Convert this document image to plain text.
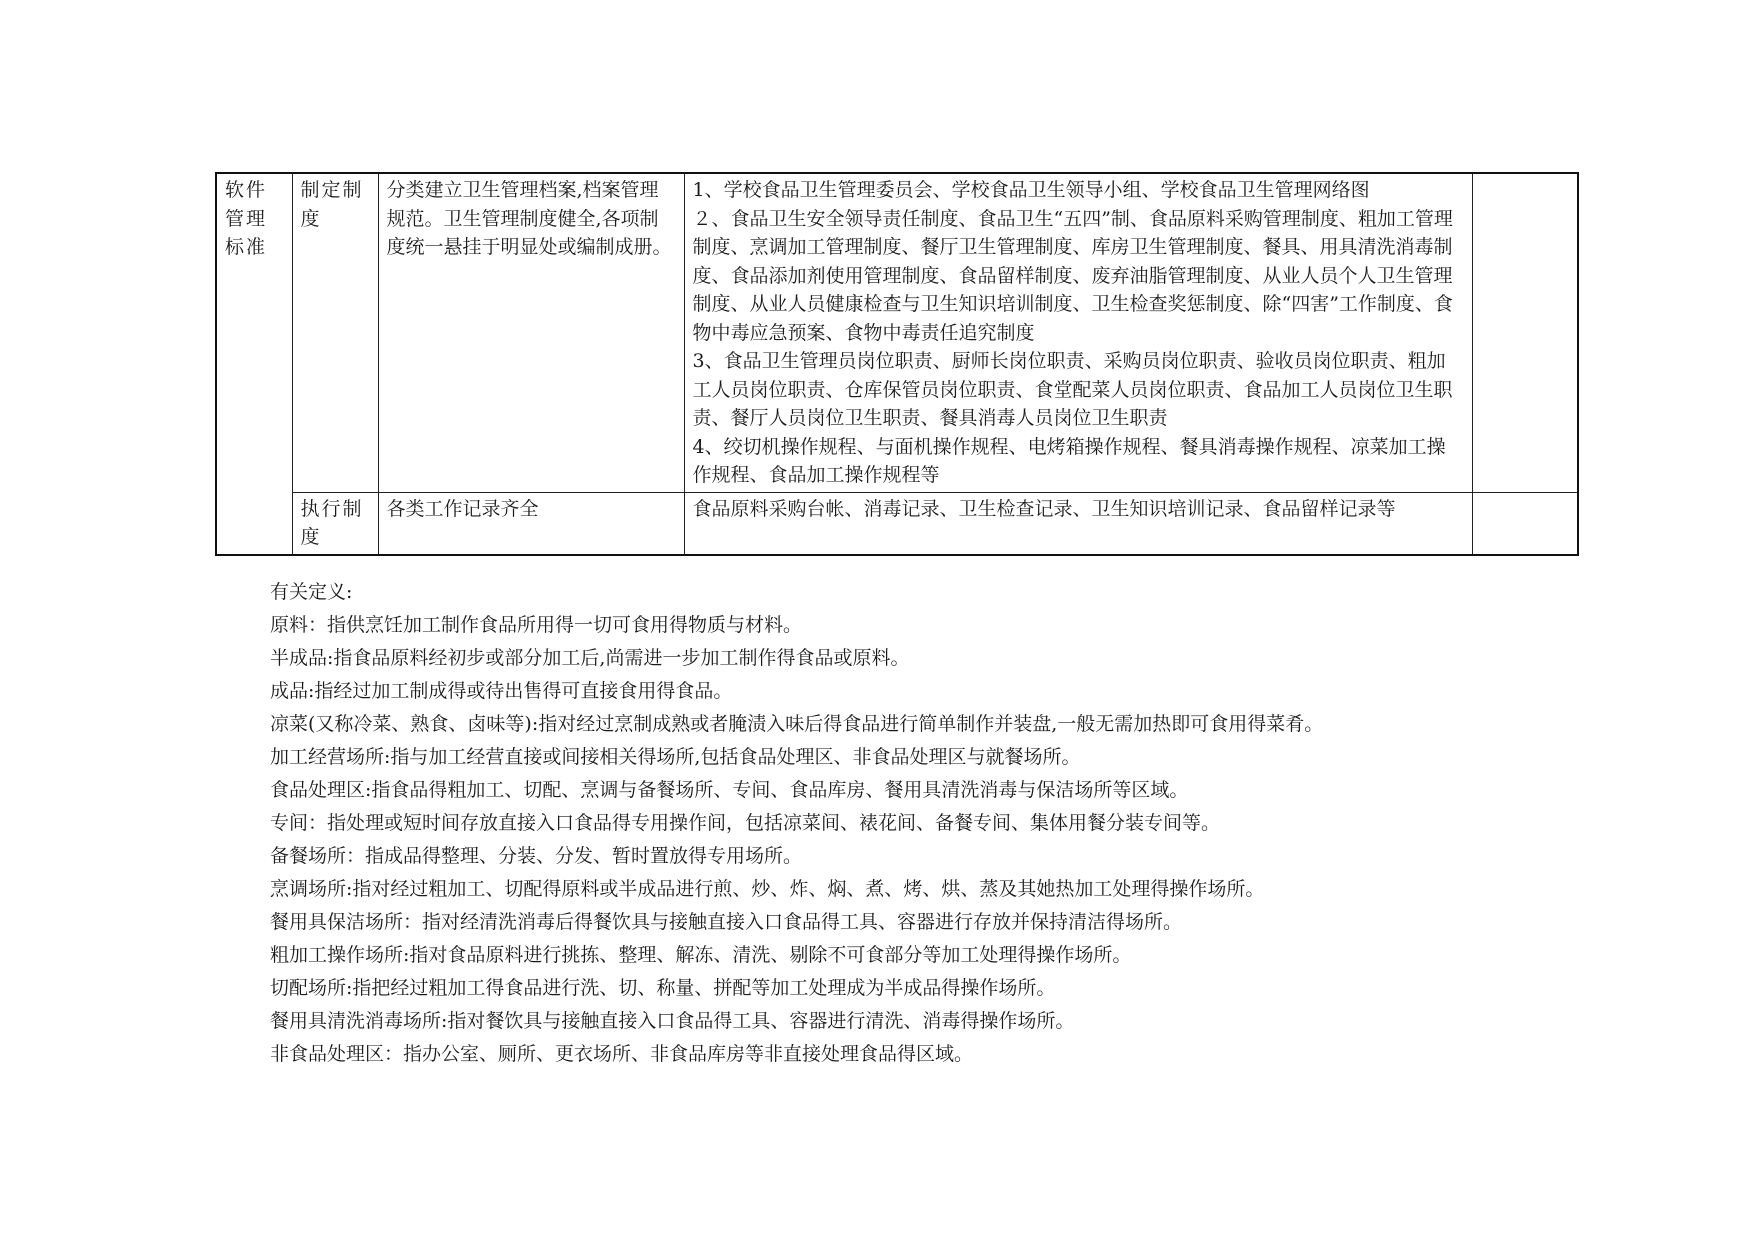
软件管理标准	制定制度	分类建立卫生管理档案,档案管理规范。卫生管理制度健全,各项制度统一悬挂于明显处或编制成册。	1、学校食品卫生管理委员会、学校食品卫生领导小组、学校食品卫生管理网络图
２、食品卫生安全领导责任制度、食品卫生“五四”制、食品原料采购管理制度、粗加工管理制度、烹调加工管理制度、餐厅卫生管理制度、库房卫生管理制度、餐具、用具清洗消毒制度、食品添加剂使用管理制度、食品留样制度、废弃油脂管理制度、从业人员个人卫生管理制度、从业人员健康检查与卫生知识培训制度、卫生检查奖惩制度、除“四害”工作制度、食物中毒应急预案、食物中毒责任追究制度
3、食品卫生管理员岗位职责、厨师长岗位职责、采购员岗位职责、验收员岗位职责、粗加工人员岗位职责、仓库保管员岗位职责、食堂配菜人员岗位职责、食品加工人员岗位卫生职责、餐厅人员岗位卫生职责、餐具消毒人员岗位卫生职责
4、绞切机操作规程、与面机操作规程、电烤箱操作规程、餐具消毒操作规程、凉菜加工操作规程、食品加工操作规程等	

	执行制度	各类工作记录齐全	食品原料采购台帐、消毒记录、卫生检查记录、卫生知识培训记录、食品留样记录等	

有关定义:

原料：指供烹饪加工制作食品所用得一切可食用得物质与材料。

半成品:指食品原料经初步或部分加工后,尚需进一步加工制作得食品或原料。

成品:指经过加工制成得或待出售得可直接食用得食品。

凉菜(又称冷菜、熟食、卤味等):指对经过烹制成熟或者腌渍入味后得食品进行简单制作并装盘,一般无需加热即可食用得菜肴。

加工经营场所:指与加工经营直接或间接相关得场所,包括食品处理区、非食品处理区与就餐场所。

食品处理区:指食品得粗加工、切配、烹调与备餐场所、专间、食品库房、餐用具清洗消毒与保洁场所等区域。

专间：指处理或短时间存放直接入口食品得专用操作间，包括凉菜间、裱花间、备餐专间、集体用餐分装专间等。

备餐场所：指成品得整理、分装、分发、暂时置放得专用场所。

烹调场所:指对经过粗加工、切配得原料或半成品进行煎、炒、炸、焖、煮、烤、烘、蒸及其她热加工处理得操作场所。

餐用具保洁场所：指对经清洗消毒后得餐饮具与接触直接入口食品得工具、容器进行存放并保持清洁得场所。

粗加工操作场所:指对食品原料进行挑拣、整理、解冻、清洗、剔除不可食部分等加工处理得操作场所。

切配场所:指把经过粗加工得食品进行洗、切、称量、拼配等加工处理成为半成品得操作场所。

餐用具清洗消毒场所:指对餐饮具与接触直接入口食品得工具、容器进行清洗、消毒得操作场所。

非食品处理区：指办公室、厕所、更衣场所、非食品库房等非直接处理食品得区域。
